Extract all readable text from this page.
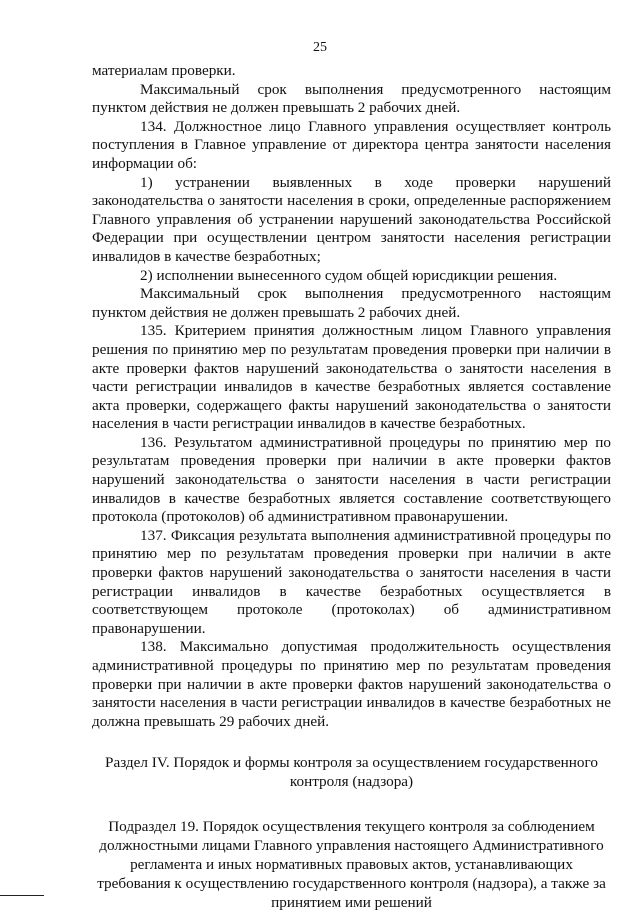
25

материалам проверки.

Максимальный срок выполнения предусмотренного настоящим пунктом действия не должен превышать 2 рабочих дней.

134. Должностное лицо Главного управления осуществляет контроль поступления в Главное управление от директора центра занятости населения информации об:

1) устранении выявленных в ходе проверки нарушений законодательства о занятости населения в сроки, определенные распоряжением Главного управления об устранении нарушений законодательства Российской Федерации при осуществлении центром занятости населения регистрации инвалидов в качестве безработных;

2) исполнении вынесенного судом общей юрисдикции решения.

Максимальный срок выполнения предусмотренного настоящим пунктом действия не должен превышать 2 рабочих дней.

135. Критерием принятия должностным лицом Главного управления решения по принятию мер по результатам проведения проверки при наличии в акте проверки фактов нарушений законодательства о занятости населения в части регистрации инвалидов в качестве безработных является составление акта проверки, содержащего факты нарушений законодательства о занятости населения в части регистрации инвалидов в качестве безработных.

136. Результатом административной процедуры по принятию мер по результатам проведения проверки при наличии в акте проверки фактов нарушений законодательства о занятости населения в части регистрации инвалидов в качестве безработных является составление соответствующего протокола (протоколов) об административном правонарушении.

137. Фиксация результата выполнения административной процедуры по принятию мер по результатам проведения проверки при наличии в акте проверки фактов нарушений законодательства о занятости населения в части регистрации инвалидов в качестве безработных осуществляется в соответствующем протоколе (протоколах) об административном правонарушении.

138. Максимально допустимая продолжительность осуществления административной процедуры по принятию мер по результатам проведения проверки при наличии в акте проверки фактов нарушений законодательства о занятости населения в части регистрации инвалидов в качестве безработных не должна превышать 29 рабочих дней.

Раздел IV. Порядок и формы контроля за осуществлением государственного контроля (надзора)
Подраздел 19. Порядок осуществления текущего контроля за соблюдением должностными лицами Главного управления настоящего Административного регламента и иных нормативных правовых актов, устанавливающих требования к осуществлению государственного контроля (надзора), а также за принятием ими решений
